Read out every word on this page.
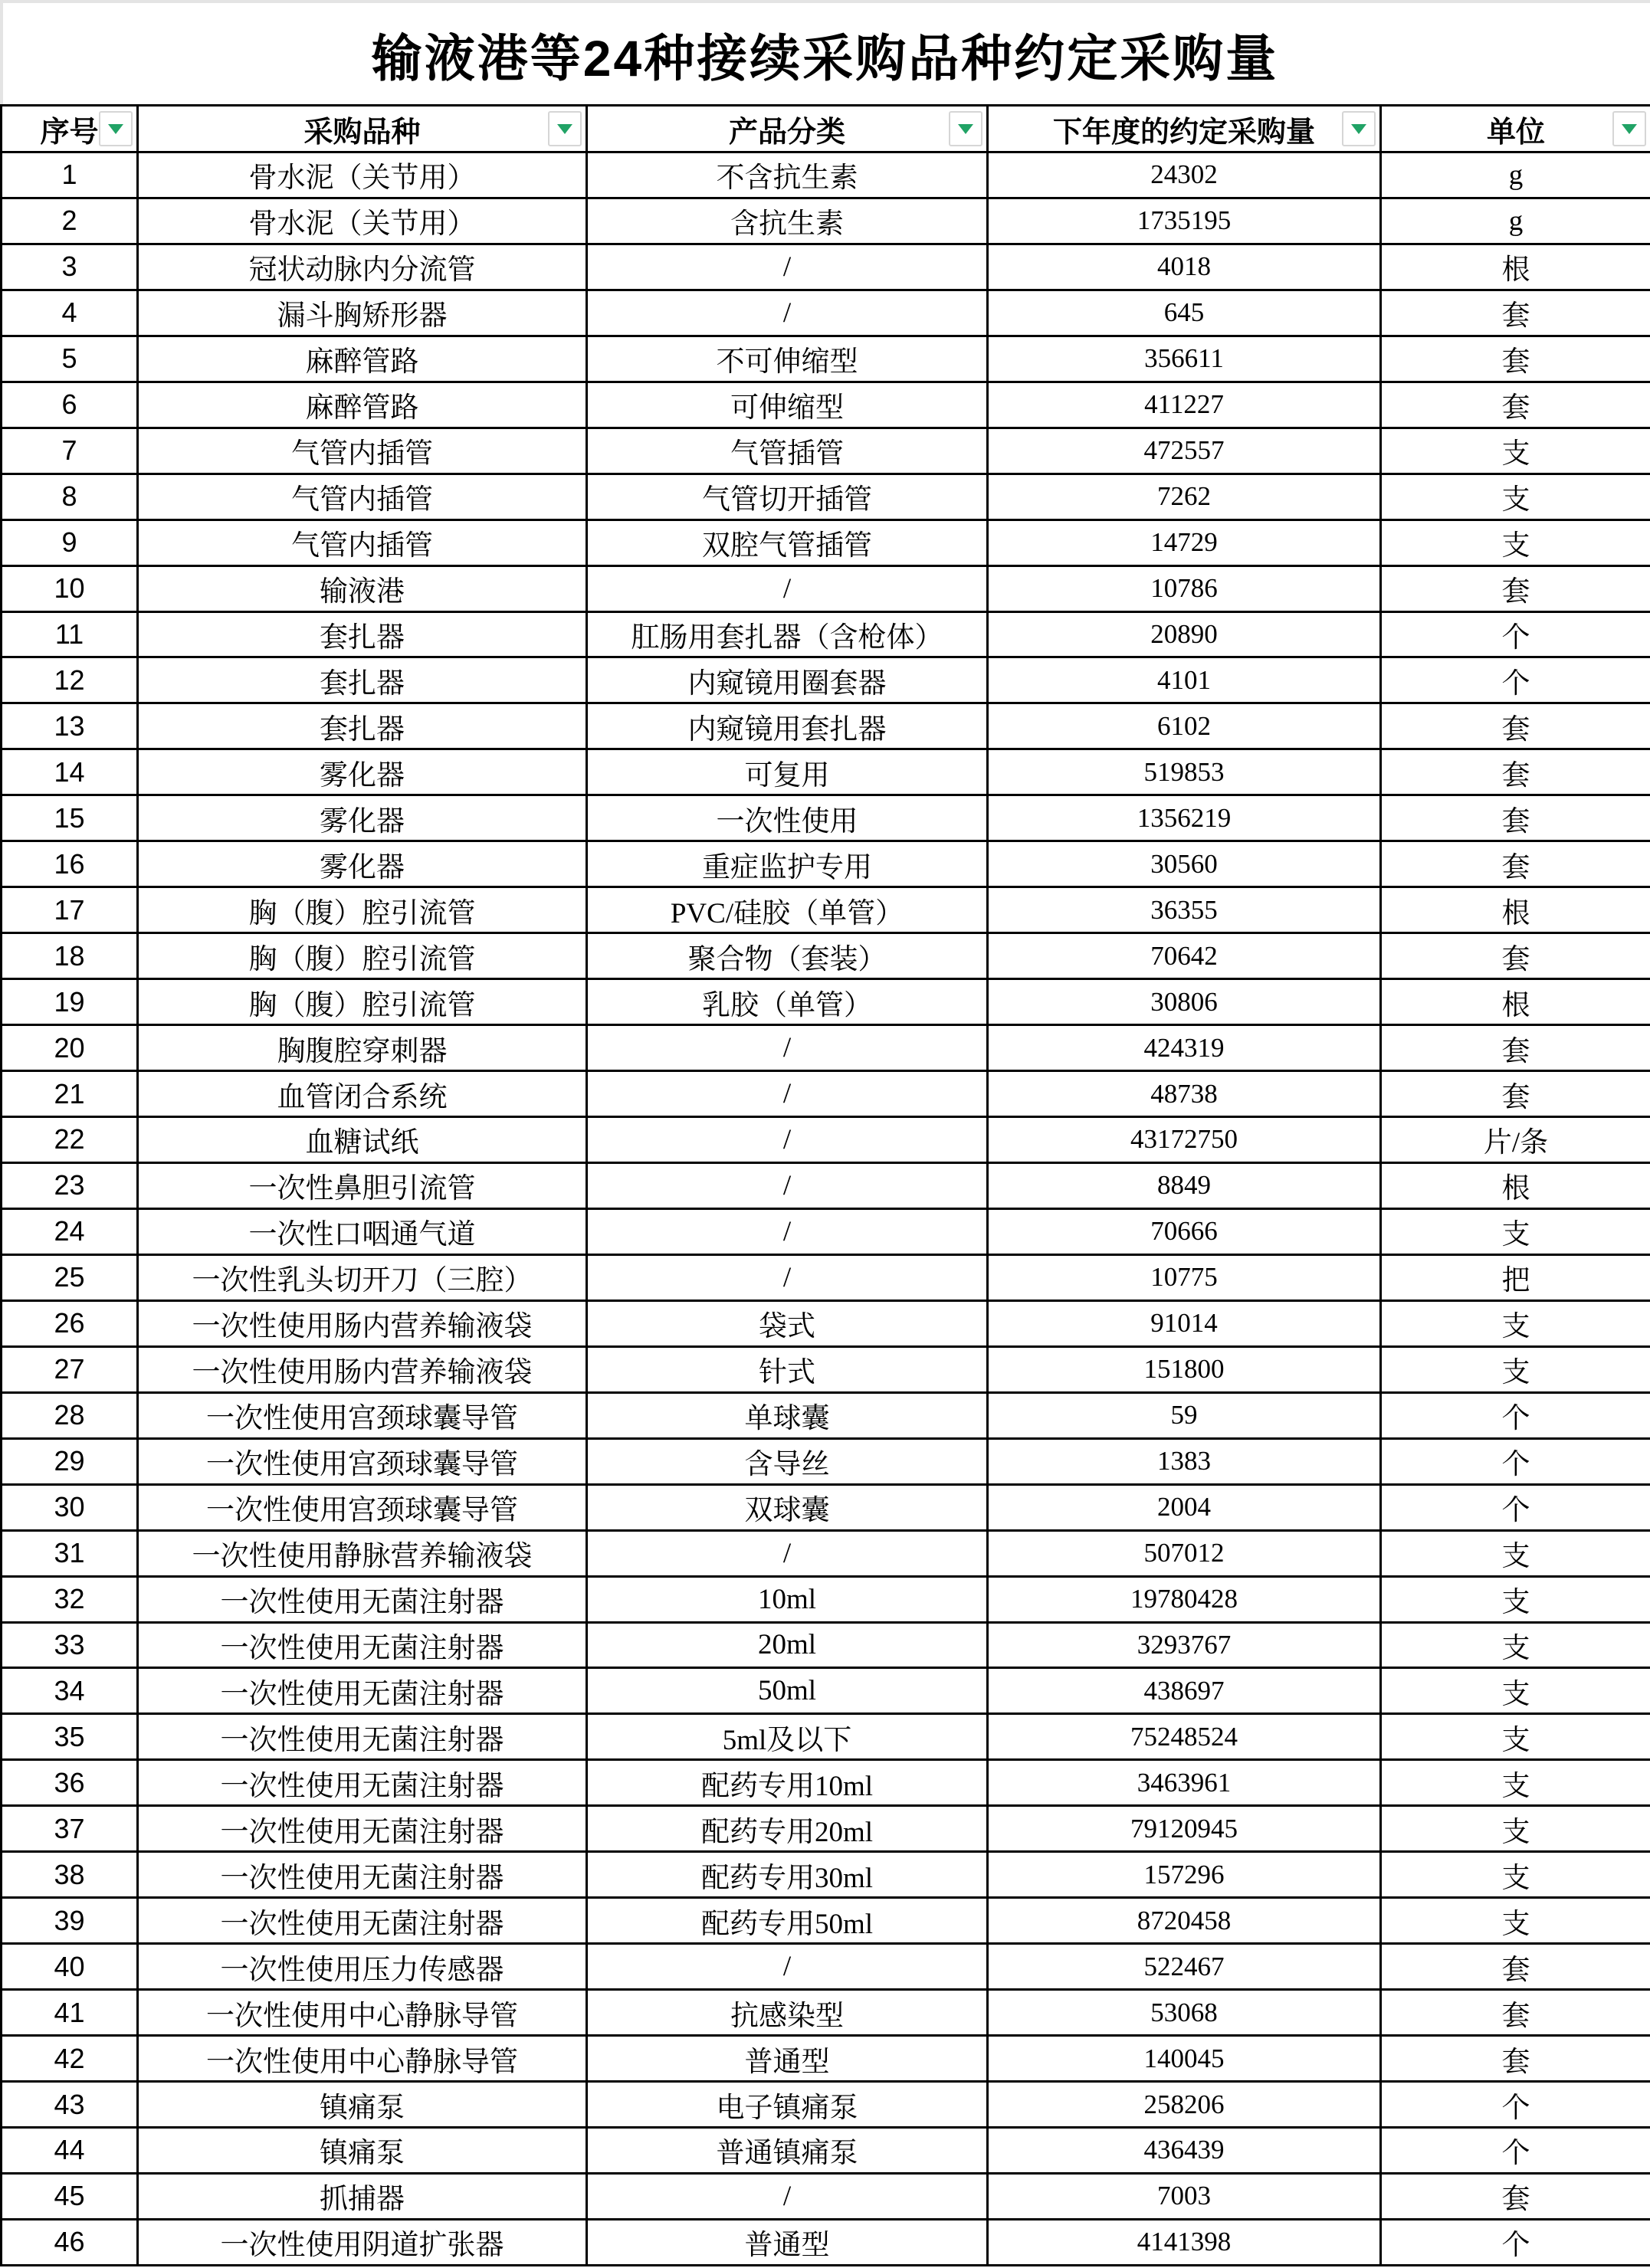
输液港等24种接续采购品种约定采购量
序号	采购品种	产品分类	下年度的约定采购量	单位

1	骨水泥（关节用）	不含抗生素	24302	g
2	骨水泥（关节用）	含抗生素	1735195	g
3	冠状动脉内分流管	/	4018	根
4	漏斗胸矫形器	/	645	套
5	麻醉管路	不可伸缩型	356611	套
6	麻醉管路	可伸缩型	411227	套
7	气管内插管	气管插管	472557	支
8	气管内插管	气管切开插管	7262	支
9	气管内插管	双腔气管插管	14729	支
10	输液港	/	10786	套
11	套扎器	肛肠用套扎器（含枪体）	20890	个
12	套扎器	内窥镜用圈套器	4101	个
13	套扎器	内窥镜用套扎器	6102	套
14	雾化器	可复用	519853	套
15	雾化器	一次性使用	1356219	套
16	雾化器	重症监护专用	30560	套
17	胸（腹）腔引流管	PVC/硅胶（单管）	36355	根
18	胸（腹）腔引流管	聚合物（套装）	70642	套
19	胸（腹）腔引流管	乳胶（单管）	30806	根
20	胸腹腔穿刺器	/	424319	套
21	血管闭合系统	/	48738	套
22	血糖试纸	/	43172750	片/条
23	一次性鼻胆引流管	/	8849	根
24	一次性口咽通气道	/	70666	支
25	一次性乳头切开刀（三腔）	/	10775	把
26	一次性使用肠内营养输液袋	袋式	91014	支
27	一次性使用肠内营养输液袋	针式	151800	支
28	一次性使用宫颈球囊导管	单球囊	59	个
29	一次性使用宫颈球囊导管	含导丝	1383	个
30	一次性使用宫颈球囊导管	双球囊	2004	个
31	一次性使用静脉营养输液袋	/	507012	支
32	一次性使用无菌注射器	10ml	19780428	支
33	一次性使用无菌注射器	20ml	3293767	支
34	一次性使用无菌注射器	50ml	438697	支
35	一次性使用无菌注射器	5ml及以下	75248524	支
36	一次性使用无菌注射器	配药专用10ml	3463961	支
37	一次性使用无菌注射器	配药专用20ml	79120945	支
38	一次性使用无菌注射器	配药专用30ml	157296	支
39	一次性使用无菌注射器	配药专用50ml	8720458	支
40	一次性使用压力传感器	/	522467	套
41	一次性使用中心静脉导管	抗感染型	53068	套
42	一次性使用中心静脉导管	普通型	140045	套
43	镇痛泵	电子镇痛泵	258206	个
44	镇痛泵	普通镇痛泵	436439	个
45	抓捕器	/	7003	套
46	一次性使用阴道扩张器	普通型	4141398	个
